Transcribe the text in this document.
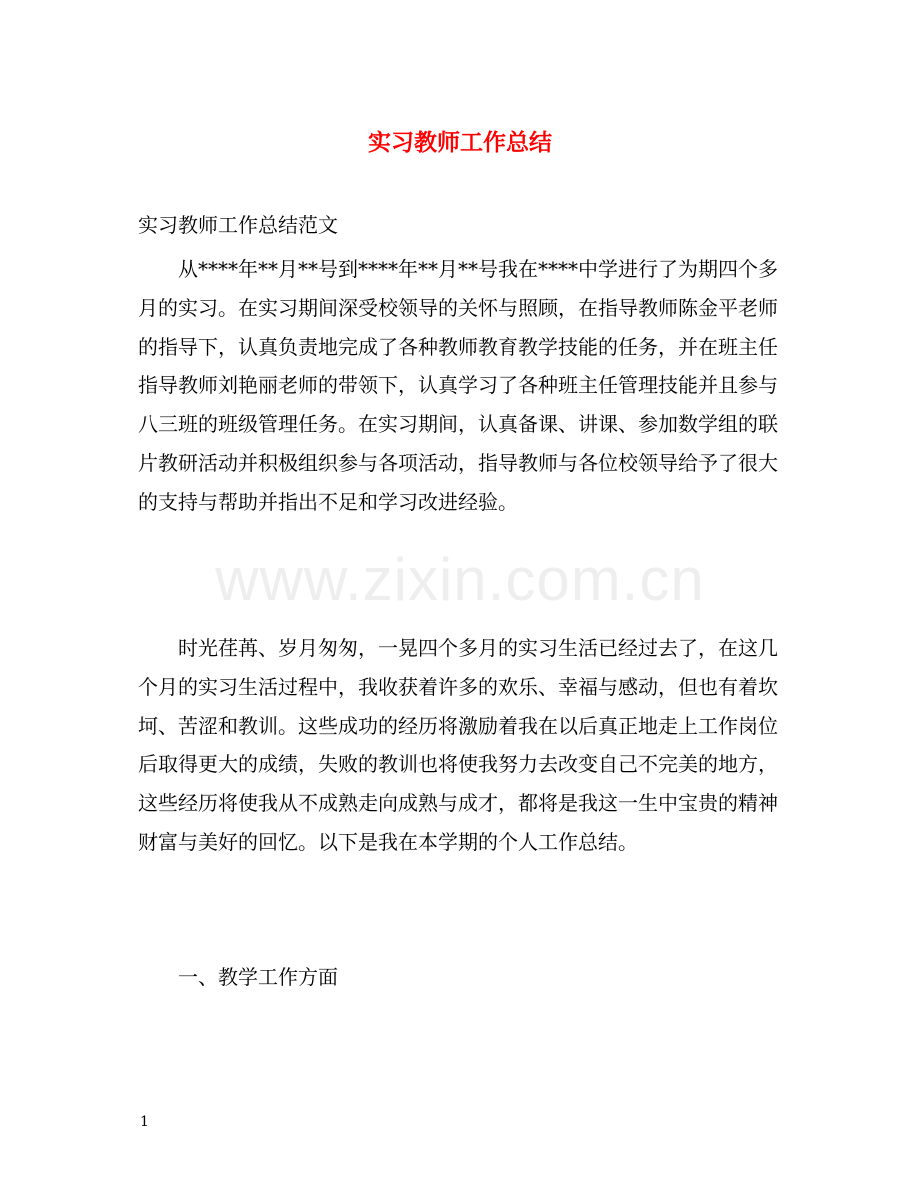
实习教师工作总结
实习教师工作总结范文

从****年**月**号到****年**月**号我在****中学进行了为期四个多月的实习。在实习期间深受校领导的关怀与照顾，在指导教师陈金平老师的指导下，认真负责地完成了各种教师教育教学技能的任务，并在班主任指导教师刘艳丽老师的带领下，认真学习了各种班主任管理技能并且参与八三班的班级管理任务。在实习期间，认真备课、讲课、参加数学组的联片教研活动并积极组织参与各项活动，指导教师与各位校领导给予了很大的支持与帮助并指出不足和学习改进经验。

时光荏苒、岁月匆匆，一晃四个多月的实习生活已经过去了，在这几个月的实习生活过程中，我收获着许多的欢乐、幸福与感动，但也有着坎坷、苦涩和教训。这些成功的经历将激励着我在以后真正地走上工作岗位后取得更大的成绩，失败的教训也将使我努力去改变自己不完美的地方，这些经历将使我从不成熟走向成熟与成才，都将是我这一生中宝贵的精神财富与美好的回忆。以下是我在本学期的个人工作总结。

一、教学工作方面
www.zixin.com.cn
1
